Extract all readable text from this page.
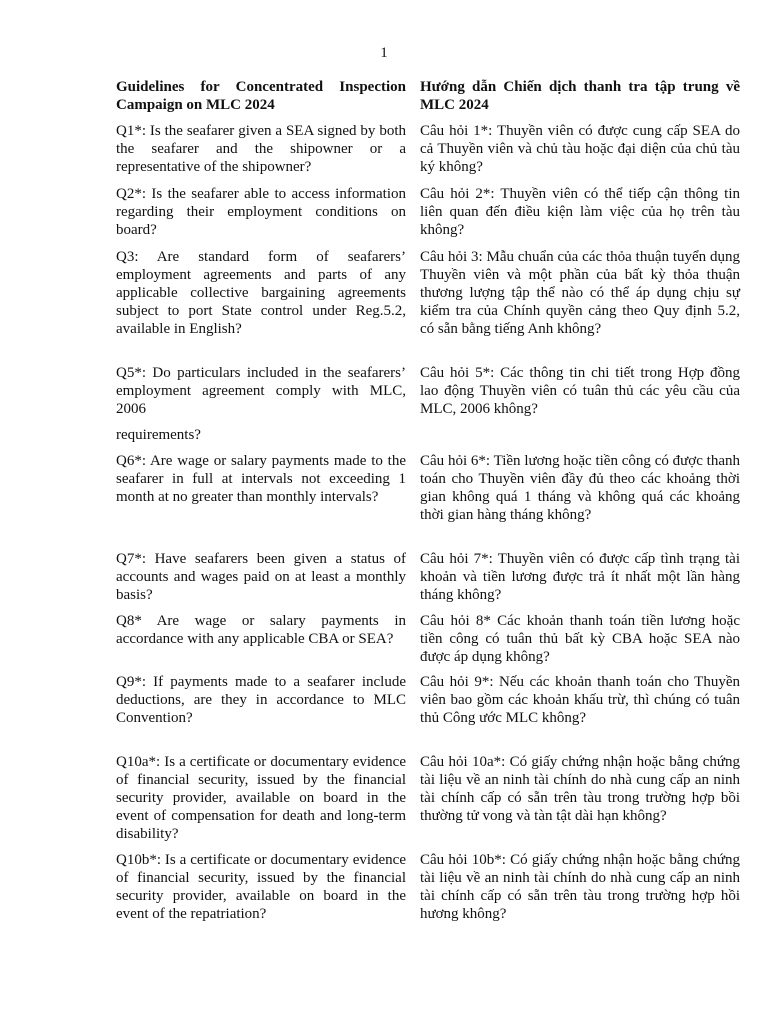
1
Guidelines for Concentrated Inspection Campaign on MLC 2024
Hướng dẫn Chiến dịch thanh tra tập trung về MLC 2024
Q1*: Is the seafarer given a SEA signed by both the seafarer and the shipowner or a representative of the shipowner?
Câu hỏi 1*: Thuyền viên có được cung cấp SEA do cả Thuyền viên và chủ tàu hoặc đại diện của chủ tàu ký không?
Q2*: Is the seafarer able to access information regarding their employment conditions on board?
Câu hỏi 2*: Thuyền viên có thể tiếp cận thông tin liên quan đến điều kiện làm việc của họ trên tàu không?
Q3: Are standard form of seafarers’ employment agreements and parts of any applicable collective bargaining agreements subject to port State control under Reg.5.2, available in English?
Câu hỏi 3: Mẫu chuẩn của các thỏa thuận tuyển dụng Thuyền viên và một phần của bất kỳ thỏa thuận thương lượng tập thể nào có thể áp dụng chịu sự kiểm tra của Chính quyền cảng theo Quy định 5.2, có sẵn bằng tiếng Anh không?
Q5*: Do particulars included in the seafarers’ employment agreement comply with MLC, 2006
Câu hỏi 5*: Các thông tin chi tiết trong Hợp đồng lao động Thuyền viên có tuân thủ các yêu cầu của MLC, 2006 không?
requirements?
Q6*: Are wage or salary payments made to the seafarer in full at intervals not exceeding 1 month at no greater than monthly intervals?
Câu hỏi 6*: Tiền lương hoặc tiền công có được thanh toán cho Thuyền viên đầy đủ theo các khoảng thời gian không quá 1 tháng và không quá các khoảng thời gian hàng tháng không?
Q7*: Have seafarers been given a status of accounts and wages paid on at least a monthly basis?
Câu hỏi 7*: Thuyền viên có được cấp tình trạng tài khoản và tiền lương được trả ít nhất một lần hàng tháng không?
Q8* Are wage or salary payments in accordance with any applicable CBA or SEA?
Câu hỏi 8* Các khoản thanh toán tiền lương hoặc tiền công có tuân thủ bất kỳ CBA hoặc SEA nào được áp dụng không?
Q9*: If payments made to a seafarer include deductions, are they in accordance to MLC Convention?
Câu hỏi 9*: Nếu các khoản thanh toán cho Thuyền viên bao gồm các khoản khấu trừ, thì chúng có tuân thủ Công ước MLC không?
Q10a*: Is a certificate or documentary evidence of financial security, issued by the financial security provider, available on board in the event of compensation for death and long-term disability?
Câu hỏi 10a*: Có giấy chứng nhận hoặc bằng chứng tài liệu về an ninh tài chính do nhà cung cấp an ninh tài chính cấp có sẵn trên tàu trong trường hợp bồi thường tử vong và tàn tật dài hạn không?
Q10b*: Is a certificate or documentary evidence of financial security, issued by the financial security provider, available on board in the event of the repatriation?
Câu hỏi 10b*: Có giấy chứng nhận hoặc bằng chứng tài liệu về an ninh tài chính do nhà cung cấp an ninh tài chính cấp có sẵn trên tàu trong trường hợp hồi hương không?
